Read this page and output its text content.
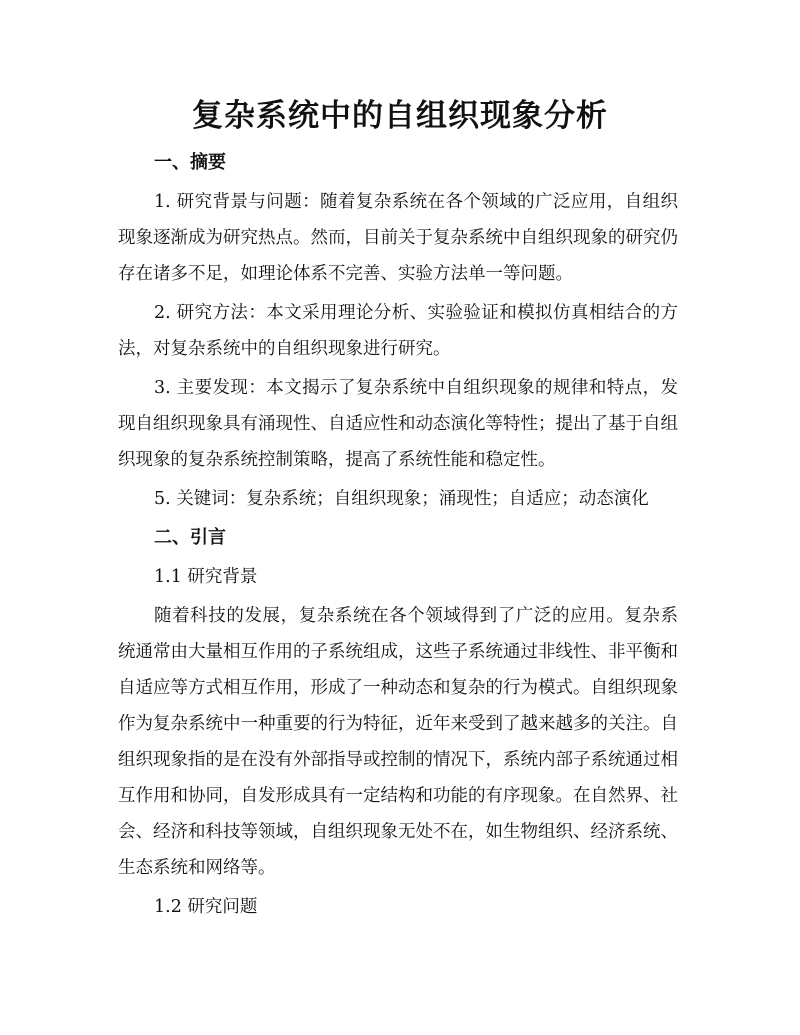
复杂系统中的自组织现象分析
一、摘要
1. 研究背景与问题：随着复杂系统在各个领域的广泛应用，自组织现象逐渐成为研究热点。然而，目前关于复杂系统中自组织现象的研究仍存在诸多不足，如理论体系不完善、实验方法单一等问题。
2. 研究方法：本文采用理论分析、实验验证和模拟仿真相结合的方法，对复杂系统中的自组织现象进行研究。
3. 主要发现：本文揭示了复杂系统中自组织现象的规律和特点，发现自组织现象具有涌现性、自适应性和动态演化等特性；提出了基于自组织现象的复杂系统控制策略，提高了系统性能和稳定性。
5. 关键词：复杂系统；自组织现象；涌现性；自适应；动态演化
二、引言
1.1 研究背景
随着科技的发展，复杂系统在各个领域得到了广泛的应用。复杂系统通常由大量相互作用的子系统组成，这些子系统通过非线性、非平衡和自适应等方式相互作用，形成了一种动态和复杂的行为模式。自组织现象作为复杂系统中一种重要的行为特征，近年来受到了越来越多的关注。自组织现象指的是在没有外部指导或控制的情况下，系统内部子系统通过相互作用和协同，自发形成具有一定结构和功能的有序现象。在自然界、社会、经济和科技等领域，自组织现象无处不在，如生物组织、经济系统、生态系统和网络等。
1.2 研究问题
